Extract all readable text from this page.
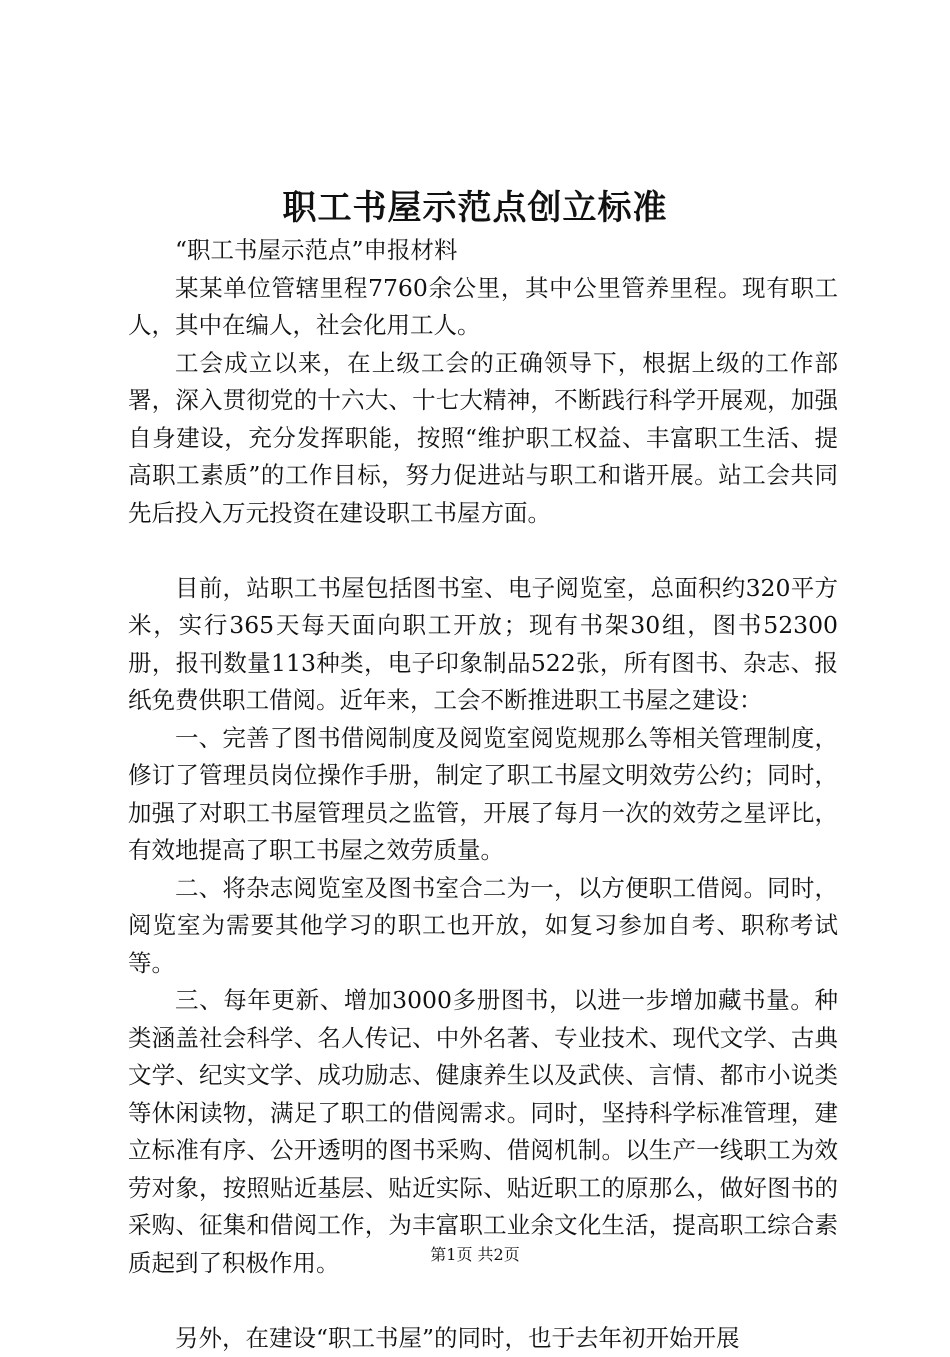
职工书屋示范点创立标准

“职工书屋示范点”申报材料

某某单位管辖里程7760余公里，其中公里管养里程。现有职工人，其中在编人，社会化用工人。

工会成立以来，在上级工会的正确领导下，根据上级的工作部署，深入贯彻党的十六大、十七大精神，不断践行科学开展观，加强自身建设，充分发挥职能，按照“维护职工权益、丰富职工生活、提高职工素质”的工作目标，努力促进站与职工和谐开展。站工会共同先后投入万元投资在建设职工书屋方面。

目前，站职工书屋包括图书室、电子阅览室，总面积约320平方米，实行365天每天面向职工开放；现有书架30组，图书52300册，报刊数量113种类，电子印象制品522张，所有图书、杂志、报纸免费供职工借阅。近年来，工会不断推进职工书屋之建设：

一、完善了图书借阅制度及阅览室阅览规那么等相关管理制度，修订了管理员岗位操作手册，制定了职工书屋文明效劳公约；同时，加强了对职工书屋管理员之监管，开展了每月一次的效劳之星评比，有效地提高了职工书屋之效劳质量。

二、将杂志阅览室及图书室合二为一，以方便职工借阅。同时，阅览室为需要其他学习的职工也开放，如复习参加自考、职称考试等。

三、每年更新、增加3000多册图书，以进一步增加藏书量。种类涵盖社会科学、名人传记、中外名著、专业技术、现代文学、古典文学、纪实文学、成功励志、健康养生以及武侠、言情、都市小说类等休闲读物，满足了职工的借阅需求。同时，坚持科学标准管理，建立标准有序、公开透明的图书采购、借阅机制。以生产一线职工为效劳对象，按照贴近基层、贴近实际、贴近职工的原那么，做好图书的采购、征集和借阅工作，为丰富职工业余文化生活，提高职工综合素质起到了积极作用。

另外，在建设“职工书屋”的同时，也于去年初开始开展

第1页 共2页
